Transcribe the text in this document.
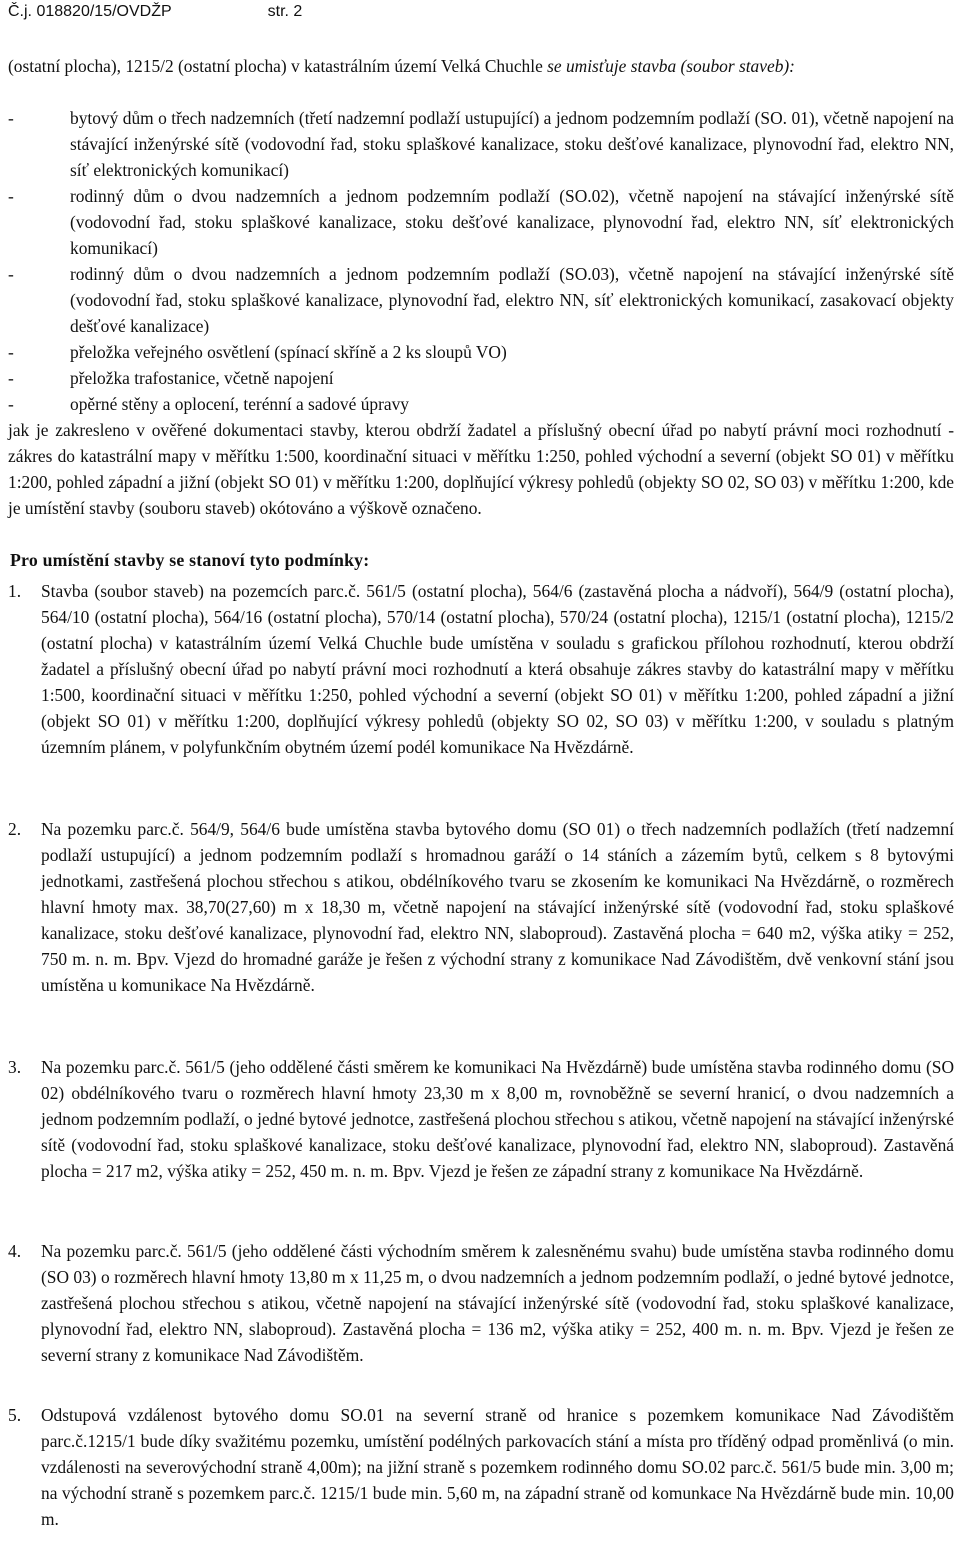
Č.j. 018820/15/OVDŽP	str. 2
(ostatní plocha), 1215/2 (ostatní plocha) v katastrálním území Velká Chuchle se umisťuje stavba (soubor staveb):
-	bytový dům o třech nadzemních (třetí nadzemní podlaží ustupující) a jednom podzemním podlaží (SO. 01), včetně napojení na stávající inženýrské sítě (vodovodní řad, stoku splaškové kanalizace, stoku dešťové kanalizace, plynovodní řad, elektro NN, síť elektronických komunikací)
-	rodinný dům o dvou nadzemních a jednom podzemním podlaží (SO.02), včetně napojení na stávající inženýrské sítě (vodovodní řad, stoku splaškové kanalizace, stoku dešťové kanalizace, plynovodní řad, elektro NN, síť elektronických komunikací)
-	rodinný dům o dvou nadzemních a jednom podzemním podlaží (SO.03), včetně napojení na stávající inženýrské sítě (vodovodní řad, stoku splaškové kanalizace, plynovodní řad, elektro NN, síť elektronických komunikací, zasakovací objekty dešťové kanalizace)
-	přeložka veřejného osvětlení (spínací skříně a 2 ks sloupů VO)
-	přeložka trafostanice, včetně napojení
-	opěrné stěny a oplocení, terénní a sadové úpravy
jak je zakresleno v ověřené dokumentaci stavby, kterou obdrží žadatel a příslušný obecní úřad po nabytí právní moci rozhodnutí - zákres do katastrální mapy v měřítku 1:500, koordinační situaci v měřítku 1:250, pohled východní a severní (objekt SO 01) v měřítku 1:200, pohled západní a jižní (objekt SO 01) v měřítku 1:200, doplňující výkresy pohledů (objekty SO 02, SO 03) v měřítku 1:200, kde je umístění stavby (souboru staveb) okótováno a výškově označeno.
Pro umístění stavby se stanoví tyto podmínky:
1. Stavba (soubor staveb) na pozemcích parc.č. 561/5 (ostatní plocha), 564/6 (zastavěná plocha a nádvoří), 564/9 (ostatní plocha), 564/10 (ostatní plocha), 564/16 (ostatní plocha), 570/14 (ostatní plocha), 570/24 (ostatní plocha), 1215/1 (ostatní plocha), 1215/2 (ostatní plocha) v katastrálním území Velká Chuchle bude umístěna v souladu s grafickou přílohou rozhodnutí, kterou obdrží žadatel a příslušný obecní úřad po nabytí právní moci rozhodnutí a která obsahuje zákres stavby do katastrální mapy v měřítku 1:500, koordinační situaci v měřítku 1:250, pohled východní a severní (objekt SO 01) v měřítku 1:200, pohled západní a jižní (objekt SO 01) v měřítku 1:200, doplňující výkresy pohledů (objekty SO 02, SO 03) v měřítku 1:200, v souladu s platným územním plánem, v polyfunkčním obytném území podél komunikace Na Hvězdárně.
2. Na pozemku parc.č. 564/9, 564/6 bude umístěna stavba bytového domu (SO 01) o třech nadzemních podlažích (třetí nadzemní podlaží ustupující) a jednom podzemním podlaží s hromadnou garáží o 14 stáních a zázemím bytů, celkem s 8 bytovými jednotkami, zastřešená plochou střechou s atikou, obdélníkového tvaru se zkosením ke komunikaci Na Hvězdárně, o rozměrech hlavní hmoty max. 38,70(27,60) m x 18,30 m, včetně napojení na stávající inženýrské sítě (vodovodní řad, stoku splaškové kanalizace, stoku dešťové kanalizace, plynovodní řad, elektro NN, slaboproud). Zastavěná plocha = 640 m2, výška atiky = 252, 750 m. n. m. Bpv. Vjezd do hromadné garáže je řešen z východní strany z komunikace Nad Závodištěm, dvě venkovní stání jsou umístěna u komunikace Na Hvězdárně.
3. Na pozemku parc.č. 561/5 (jeho oddělené části směrem ke komunikaci Na Hvězdárně) bude umístěna stavba rodinného domu (SO 02) obdélníkového tvaru o rozměrech hlavní hmoty 23,30 m x 8,00 m, rovnoběžně se severní hranicí, o dvou nadzemních a jednom podzemním podlaží, o jedné bytové jednotce, zastřešená plochou střechou s atikou, včetně napojení na stávající inženýrské sítě (vodovodní řad, stoku splaškové kanalizace, stoku dešťové kanalizace, plynovodní řad, elektro NN, slaboproud). Zastavěná plocha = 217 m2, výška atiky = 252, 450 m. n. m. Bpv. Vjezd je řešen ze západní strany z komunikace Na Hvězdárně.
4. Na pozemku parc.č. 561/5 (jeho oddělené části východním směrem k zalesněnému svahu) bude umístěna stavba rodinného domu (SO 03) o rozměrech hlavní hmoty 13,80 m x 11,25 m, o dvou nadzemních a jednom podzemním podlaží, o jedné bytové jednotce, zastřešená plochou střechou s atikou, včetně napojení na stávající inženýrské sítě (vodovodní řad, stoku splaškové kanalizace, plynovodní řad, elektro NN, slaboproud). Zastavěná plocha = 136 m2, výška atiky = 252, 400 m. n. m. Bpv. Vjezd je řešen ze severní strany z komunikace Nad Závodištěm.
5. Odstupová vzdálenost bytového domu SO.01 na severní straně od hranice s pozemkem komunikace Nad Závodištěm parc.č.1215/1 bude díky svažitému pozemku, umístění podélných parkovacích stání a místa pro tříděný odpad proměnlivá (o min. vzdálenosti na severovýchodní straně 4,00m); na jižní straně s pozemkem rodinného domu SO.02 parc.č. 561/5 bude min. 3,00 m; na východní straně s pozemkem parc.č. 1215/1 bude min. 5,60 m, na západní straně od komunkace Na Hvězdárně bude min. 10,00 m.
